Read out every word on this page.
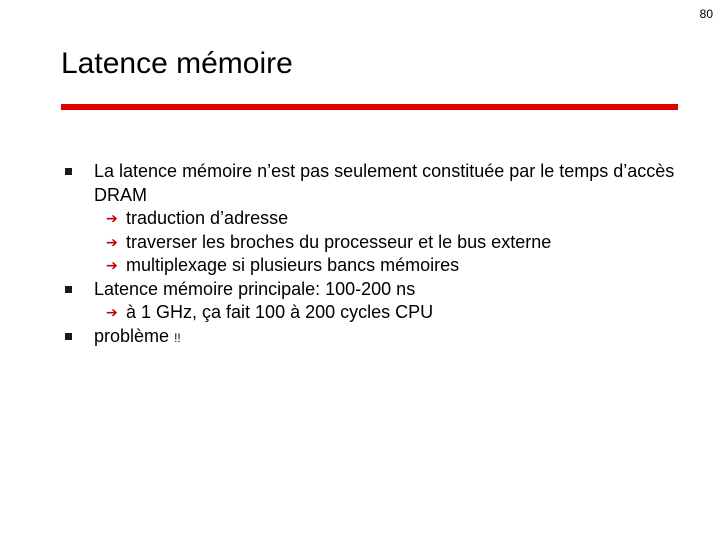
80
Latence mémoire

La latence mémoire n’est pas seulement constituée par le temps d’accès DRAM

➔ traduction d’adresse

➔ traverser les broches du processeur et le bus externe

➔ multiplexage si plusieurs bancs mémoires

Latence mémoire principale: 100-200 ns

➔ à 1 GHz, ça fait 100 à 200 cycles CPU

problème !!
